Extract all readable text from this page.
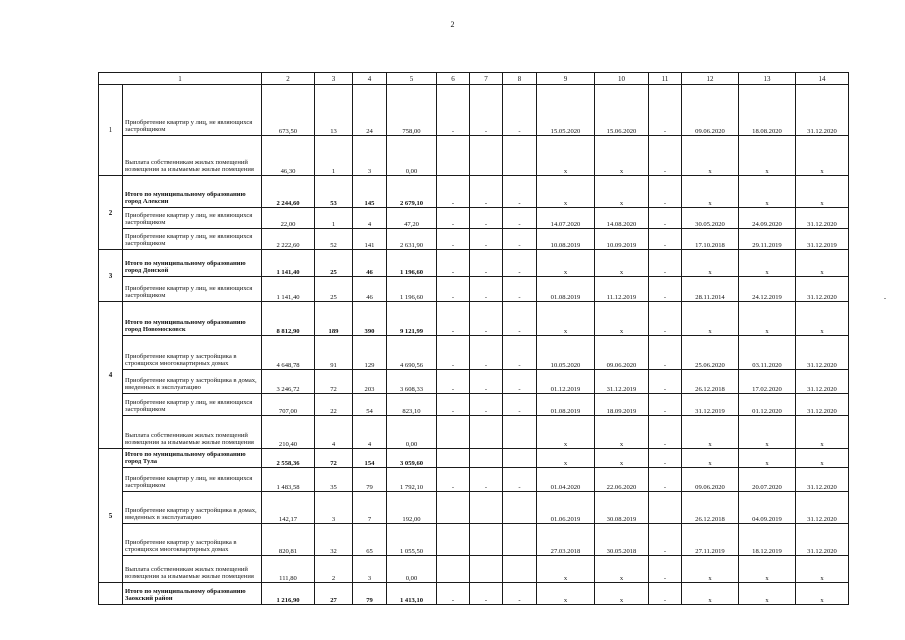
2
1		2	3	4	5	6	7	8	9	10	11	12	13	14
1	Приобретение квартир у лиц, не являющихся застройщиком	673,50	13	24	758,00	-	-	-	15.05.2020	15.06.2020	-	09.06.2020	18.08.2020	31.12.2020
	Выплата собственникам жилых помещений возмещения за изымаемые жилые помещения	46,30	1	3	0,00				x	x	-	x	x	x
2	Итого по муниципальному образованию город Алексин	2 244,60	53	145	2 679,10	-	-	-	x	x	-	x	x	x
	Приобретение квартир у лиц, не являющихся застройщиком	22,00	1	4	47,20	-	-	-	14.07.2020	14.08.2020	-	30.05.2020	24.09.2020	31.12.2020
	Приобретение квартир у лиц, не являющихся застройщиком	2 222,60	52	141	2 631,90	-	-	-	10.08.2019	10.09.2019	-	17.10.2018	29.11.2019	31.12.2019
3	Итого по муниципальному образованию город Донской	1 141,40	25	46	1 196,60	-	-	-	x	x	-	x	x	x
	Приобретение квартир у лиц, не являющихся застройщиком	1 141,40	25	46	1 196,60	-	-	-	01.08.2019	11.12.2019	-	28.11.2014	24.12.2019	31.12.2020
4	Итого по муниципальному образованию город Новомосковск	8 812,90	189	390	9 121,99	-	-	-	x	x	-	x	x	x
	Приобретение квартир у застройщика в строящихся многоквартирных домах	4 648,78	91	129	4 690,56	-	-	-	10.05.2020	09.06.2020	-	25.06.2020	03.11.2020	31.12.2020
	Приобретение квартир у застройщика в домах, введенных в эксплуатацию	3 246,72	72	203	3 608,33	-	-	-	01.12.2019	31.12.2019	-	26.12.2018	17.02.2020	31.12.2020
	Приобретение квартир у лиц, не являющихся застройщиком	707,00	22	54	823,10	-	-	-	01.08.2019	18.09.2019	-	31.12.2019	01.12.2020	31.12.2020
	Выплата собственникам жилых помещений возмещения за изымаемые жилые помещения	210,40	4	4	0,00				x	x	-	x	x	x
5	Итого по муниципальному образованию город Тула	2 558,36	72	154	3 059,60				x	x	-	x	x	x
	Приобретение квартир у лиц, не являющихся застройщиком	1 483,58	35	79	1 792,10	-	-	-	01.04.2020	22.06.2020	-	09.06.2020	20.07.2020	31.12.2020
	Приобретение квартир у застройщика в домах, введенных в эксплуатацию	142,17	3	7	192,00				01.06.2019	30.08.2019		26.12.2018	04.09.2019	31.12.2020
	Приобретение квартир у застройщика в строящихся многоквартирных домах	820,81	32	65	1 055,50				27.03.2018	30.05.2018	-	27.11.2019	18.12.2019	31.12.2020
	Выплата собственникам жилых помещений возмещения за изымаемые жилые помещения	111,80	2	3	0,00				x	x	-	x	x	x
	Итого по муниципальному образованию Заокский район	1 216,90	27	79	1 413,10	-	-	-	x	x	-	x	x	x
